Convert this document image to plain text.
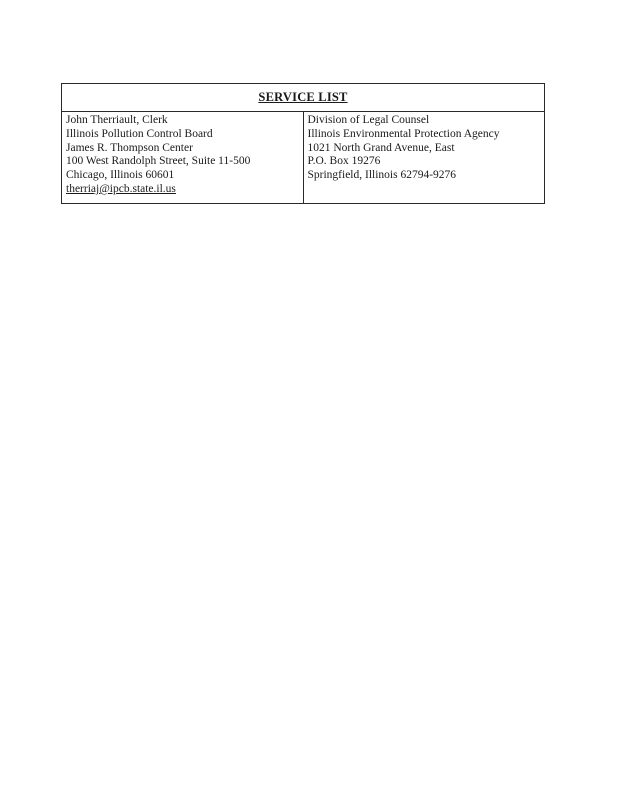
SERVICE LIST

John Therriault, Clerk
Illinois Pollution Control Board
James R. Thompson Center
100 West Randolph Street, Suite 11-500
Chicago, Illinois 60601
therriaj@ipcb.state.il.us

Division of Legal Counsel
Illinois Environmental Protection Agency
1021 North Grand Avenue, East
P.O. Box 19276
Springfield, Illinois 62794-9276
